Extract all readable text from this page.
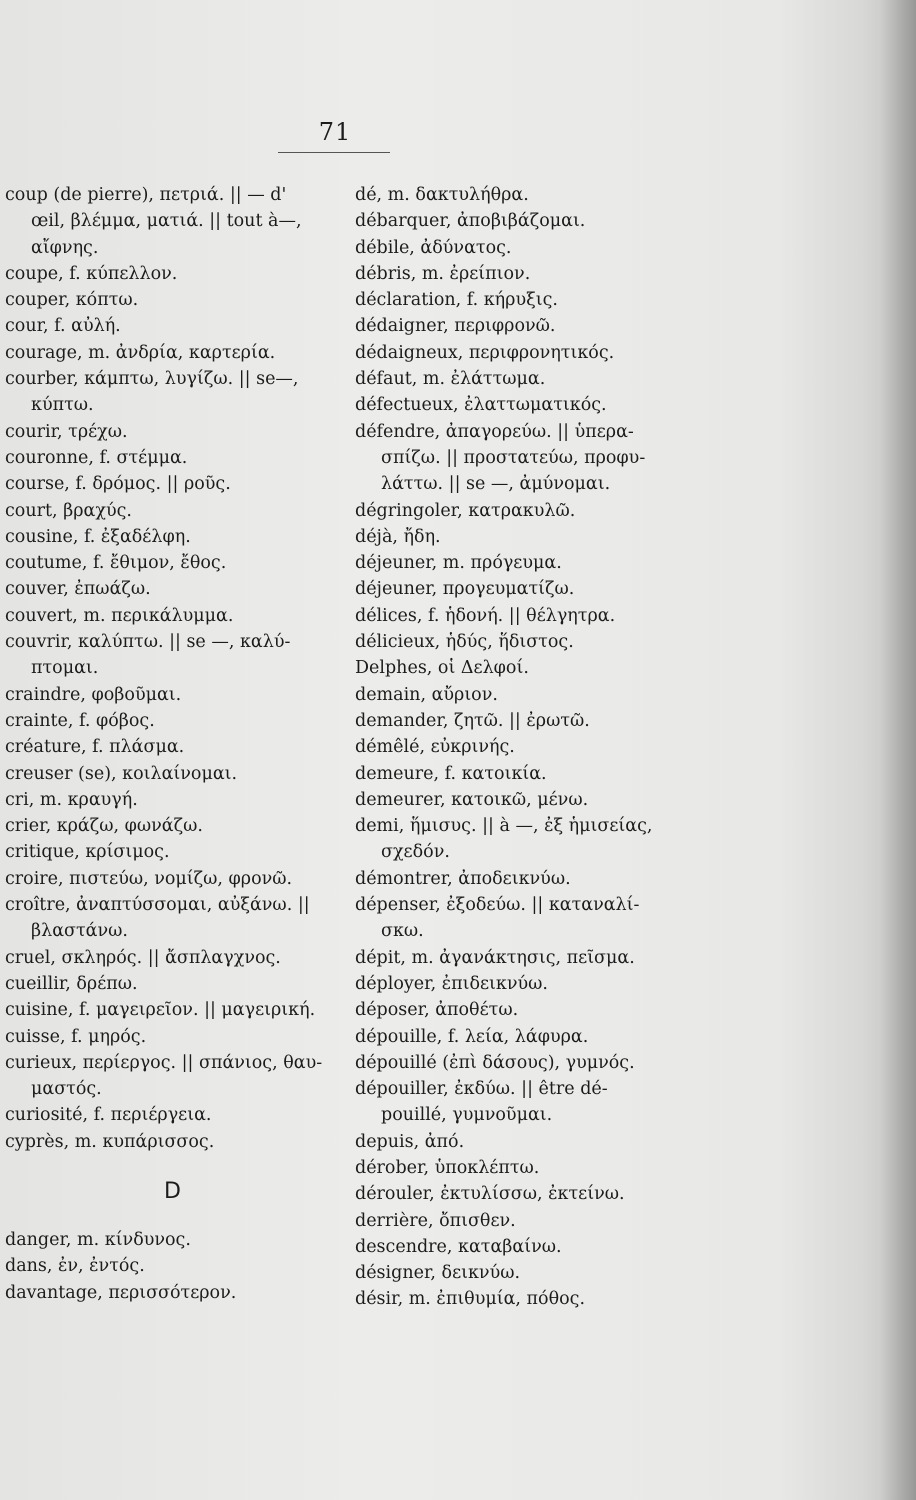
71
coup (de pierre), πετριά. || — d'
œil, βλέμμα, ματιά. || tout à—,
αἴφνης.
coupe, f. κύπελλον.
couper, κόπτω.
cour, f. αὐλή.
courage, m. ἀνδρία, καρτερία.
courber, κάμπτω, λυγίζω. || se—,
κύπτω.
courir, τρέχω.
couronne, f. στέμμα.
course, f. δρόμος. || ροῦς.
court, βραχύς.
cousine, f. ἐξαδέλφη.
coutume, f. ἔθιμον, ἔθος.
couver, ἐπωάζω.
couvert, m. περικάλυμμα.
couvrir, καλύπτω. || se —, καλύ-
πτομαι.
craindre, φοβοῦμαι.
crainte, f. φόβος.
créature, f. πλάσμα.
creuser (se), κοιλαίνομαι.
cri, m. κραυγή.
crier, κράζω, φωνάζω.
critique, κρίσιμος.
croire, πιστεύω, νομίζω, φρονῶ.
croître, ἀναπτύσσομαι, αὐξάνω. ||
βλαστάνω.
cruel, σκληρός. || ἄσπλαγχνος.
cueillir, δρέπω.
cuisine, f. μαγειρεῖον. || μαγειρική.
cuisse, f. μηρός.
curieux, περίεργος. || σπάνιος, θαυ-
μαστός.
curiosité, f. περιέργεια.
cyprès, m. κυπάρισσος.
D
danger, m. κίνδυνος.
dans, ἐν, ἐντός.
davantage, περισσότερον.
dé, m. δακτυλήθρα.
débarquer, ἀποβιβάζομαι.
débile, ἀδύνατος.
débris, m. ἐρείπιον.
déclaration, f. κήρυξις.
dédaigner, περιφρονῶ.
dédaigneux, περιφρονητικός.
défaut, m. ἐλάττωμα.
défectueux, ἐλαττωματικός.
défendre, ἀπαγορεύω. || ὑπερα-
σπίζω. || προστατεύω, προφυ-
λάττω. || se —, ἀμύνομαι.
dégringoler, κατρακυλῶ.
déjà, ἤδη.
déjeuner, m. πρόγευμα.
déjeuner, προγευματίζω.
délices, f. ἡδονή. || θέλγητρα.
délicieux, ἡδύς, ἥδιστος.
Delphes, οἱ Δελφοί.
demain, αὔριον.
demander, ζητῶ. || ἐρωτῶ.
démêlé, εὐκρινής.
demeure, f. κατοικία.
demeurer, κατοικῶ, μένω.
demi, ἥμισυς. || à —, ἐξ ἡμισείας,
σχεδόν.
démontrer, ἀποδεικνύω.
dépenser, ἐξοδεύω. || καταναλί-
σκω.
dépit, m. ἀγανάκτησις, πεῖσμα.
déployer, ἐπιδεικνύω.
déposer, ἀποθέτω.
dépouille, f. λεία, λάφυρα.
dépouillé (ἐπὶ δάσους), γυμνός.
dépouiller, ἐκδύω. || être dé-
pouillé, γυμνοῦμαι.
depuis, ἀπό.
dérober, ὑποκλέπτω.
dérouler, ἐκτυλίσσω, ἐκτείνω.
derrière, ὄπισθεν.
descendre, καταβαίνω.
désigner, δεικνύω.
désir, m. ἐπιθυμία, πόθος.
